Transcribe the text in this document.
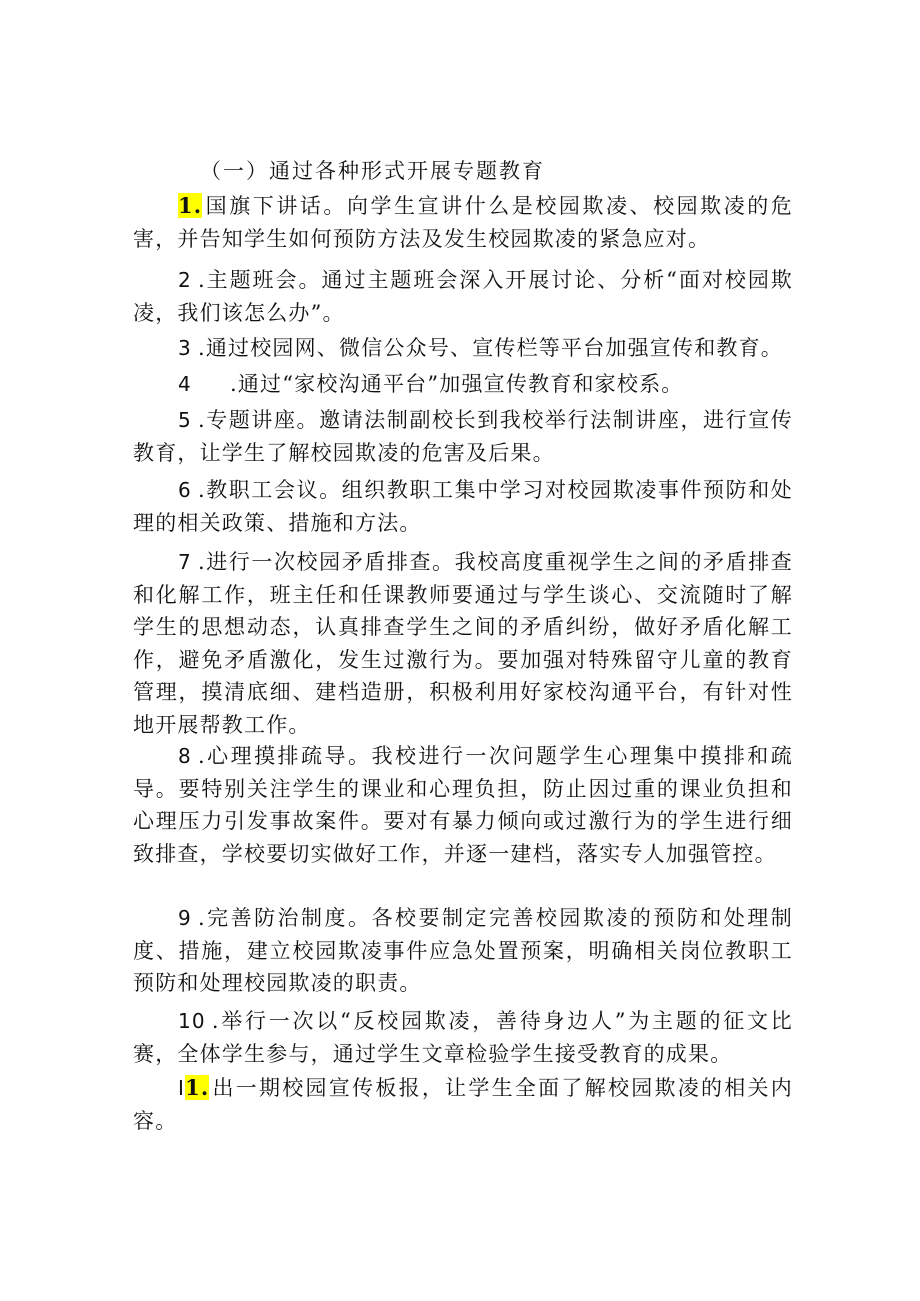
（一）通过各种形式开展专题教育

1.国旗下讲话。向学生宣讲什么是校园欺凌、校园欺凌的危害，并告知学生如何预防方法及发生校园欺凌的紧急应对。

2 .主题班会。通过主题班会深入开展讨论、分析“面对校园欺凌，我们该怎么办”。

3 .通过校园网、微信公众号、宣传栏等平台加强宣传和教育。

4 .通过“家校沟通平台”加强宣传教育和家校系。

5 .专题讲座。邀请法制副校长到我校举行法制讲座，进行宣传教育，让学生了解校园欺凌的危害及后果。

6 .教职工会议。组织教职工集中学习对校园欺凌事件预防和处理的相关政策、措施和方法。

7 .进行一次校园矛盾排查。我校高度重视学生之间的矛盾排查和化解工作，班主任和任课教师要通过与学生谈心、交流随时了解学生的思想动态，认真排查学生之间的矛盾纠纷，做好矛盾化解工作，避免矛盾激化，发生过激行为。要加强对特殊留守儿童的教育管理，摸清底细、建档造册，积极利用好家校沟通平台，有针对性地开展帮教工作。

8 .心理摸排疏导。我校进行一次问题学生心理集中摸排和疏导。要特别关注学生的课业和心理负担，防止因过重的课业负担和心理压力引发事故案件。要对有暴力倾向或过激行为的学生进行细致排查，学校要切实做好工作，并逐一建档，落实专人加强管控。

9 .完善防治制度。各校要制定完善校园欺凌的预防和处理制度、措施，建立校园欺凌事件应急处置预案，明确相关岗位教职工预防和处理校园欺凌的职责。

10 .举行一次以“反校园欺凌，善待身边人”为主题的征文比赛，全体学生参与，通过学生文章检验学生接受教育的成果。

I1.出一期校园宣传板报，让学生全面了解校园欺凌的相关内容。
